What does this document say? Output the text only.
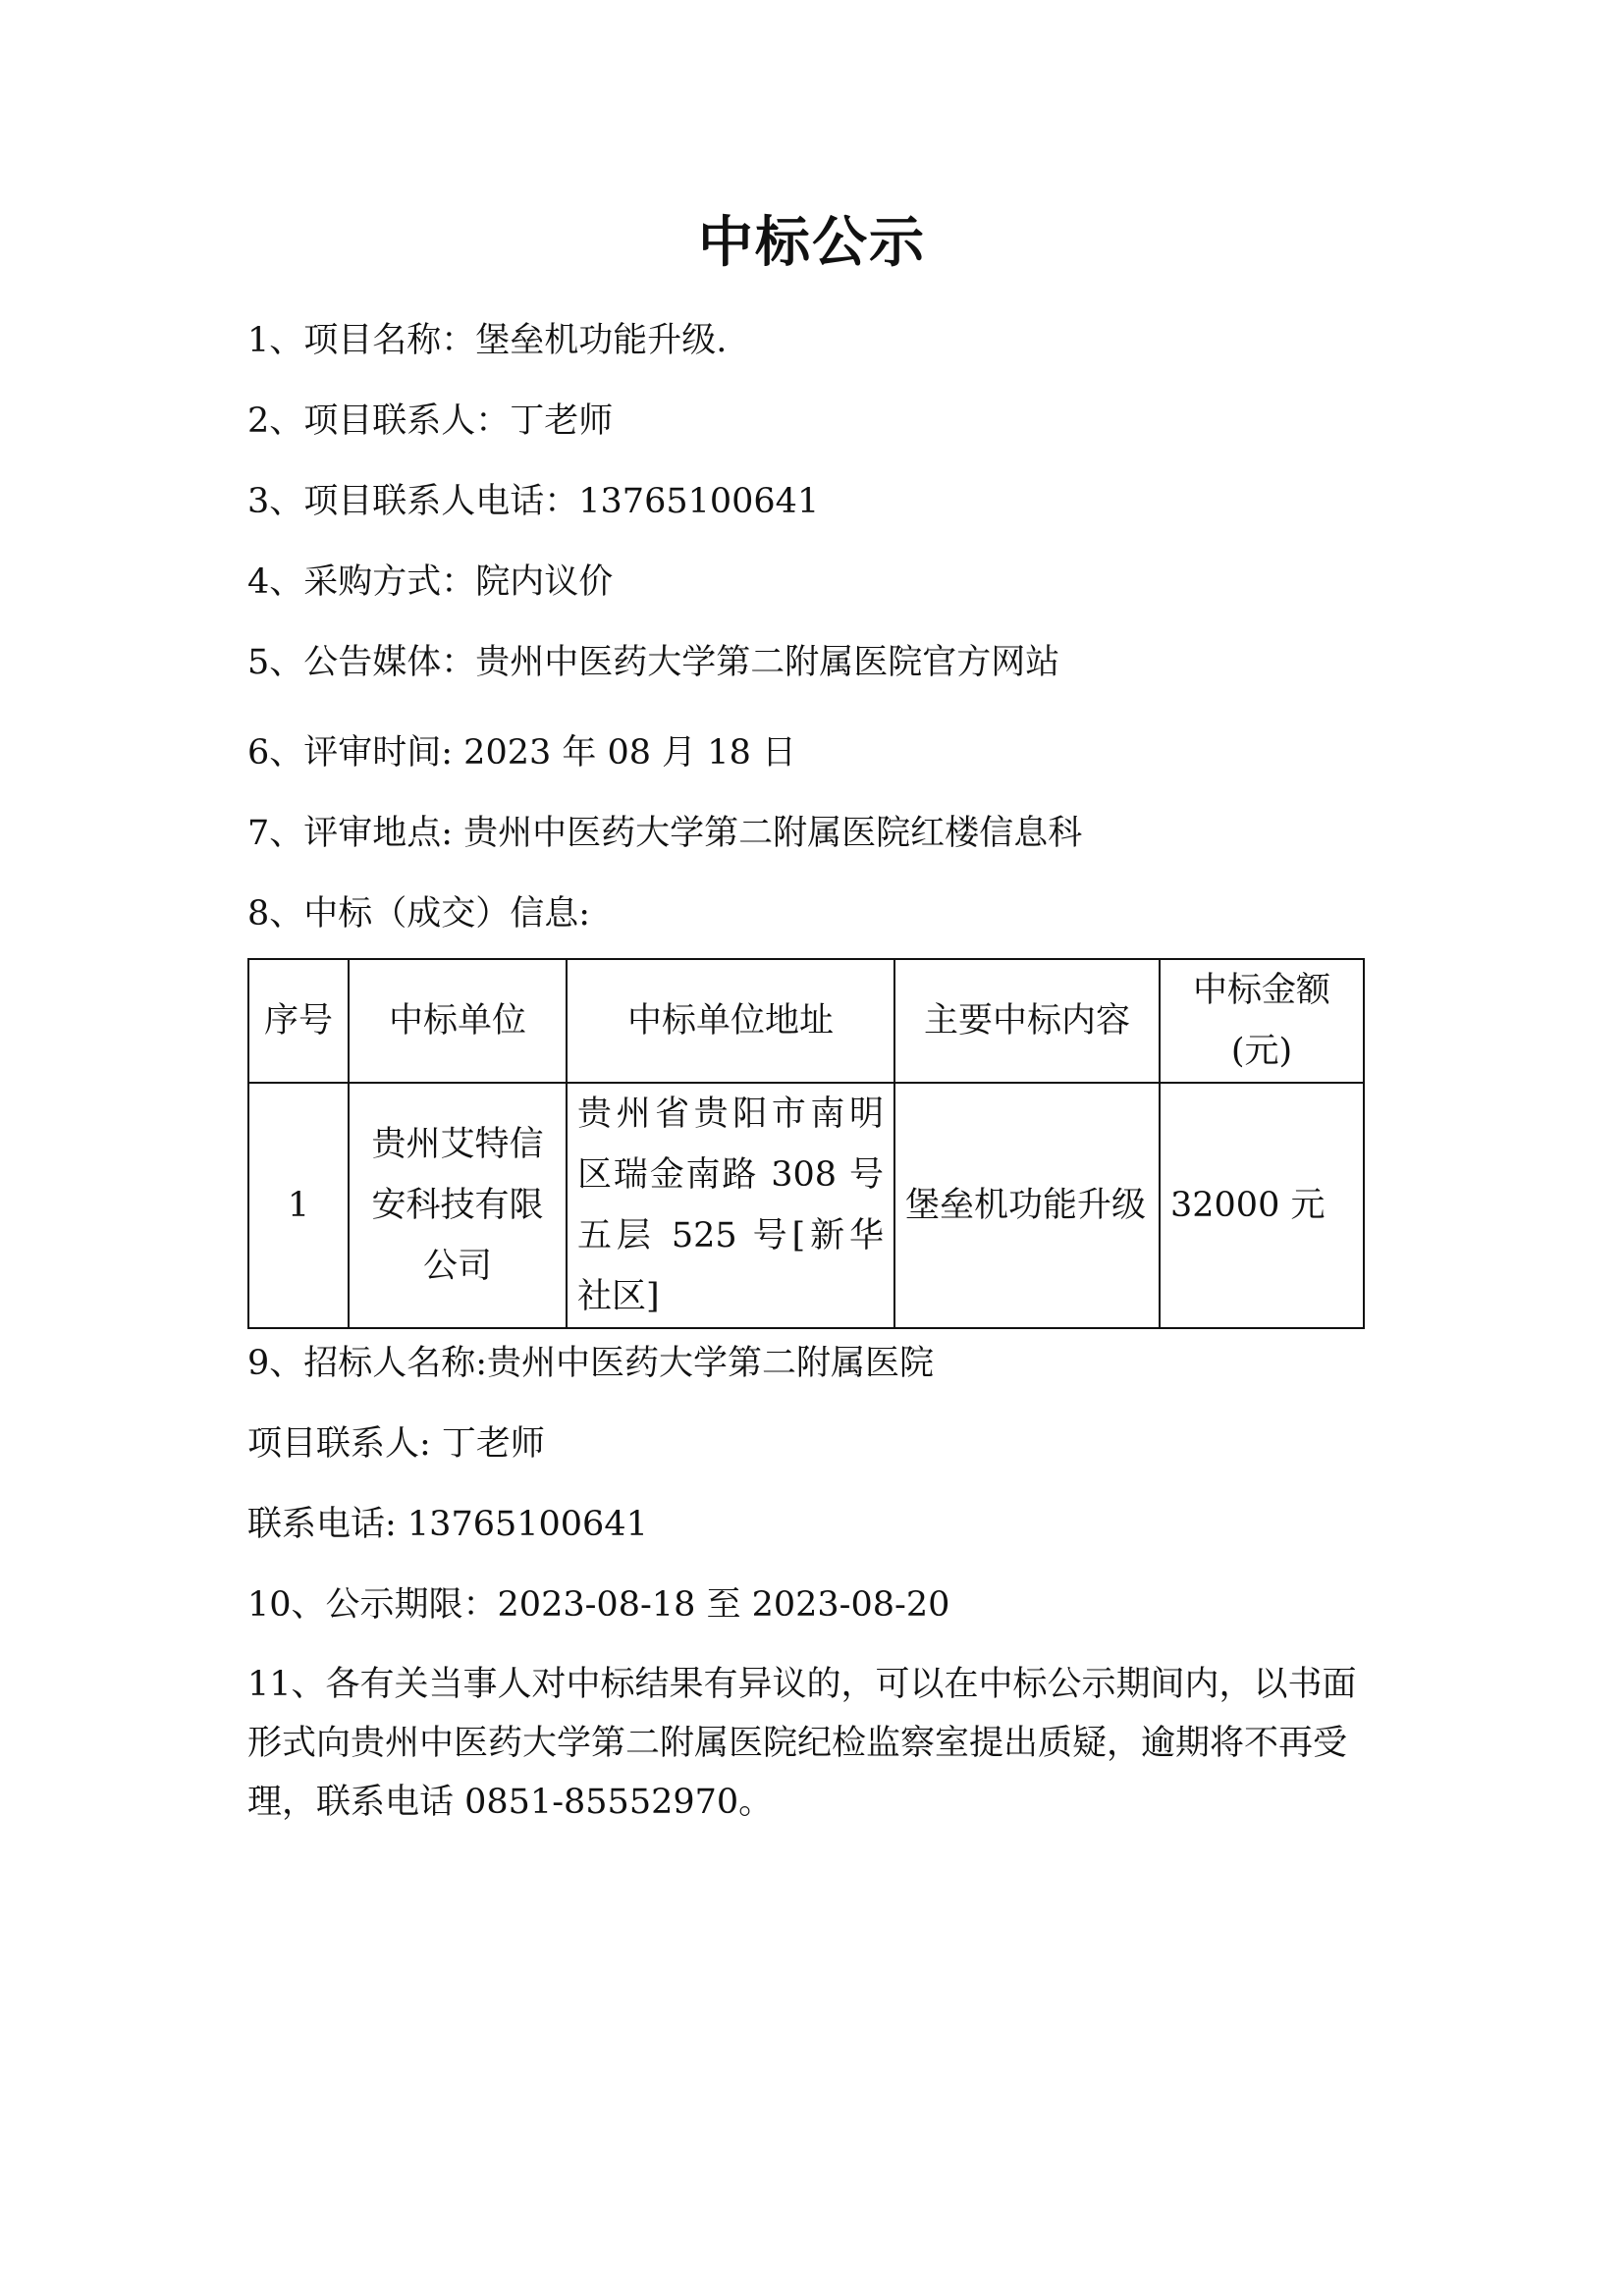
中标公示
1、项目名称：堡垒机功能升级.
2、项目联系人：丁老师
3、项目联系人电话：13765100641
4、采购方式：院内议价
5、公告媒体：贵州中医药大学第二附属医院官方网站
6、评审时间: 2023 年 08 月 18 日
7、评审地点: 贵州中医药大学第二附属医院红楼信息科
8、中标（成交）信息:
序号	中标单位	中标单位地址	主要中标内容	中标金额(元)
1	贵州艾特信安科技有限公司	贵州省贵阳市南明区瑞金南路 308 号五层 525 号[新华社区]	堡垒机功能升级	32000 元
9、招标人名称:贵州中医药大学第二附属医院
项目联系人: 丁老师
联系电话: 13765100641
10、公示期限：2023-08-18 至 2023-08-20
11、各有关当事人对中标结果有异议的，可以在中标公示期间内，以书面形式向贵州中医药大学第二附属医院纪检监察室提出质疑，逾期将不再受理，联系电话 0851-85552970。
